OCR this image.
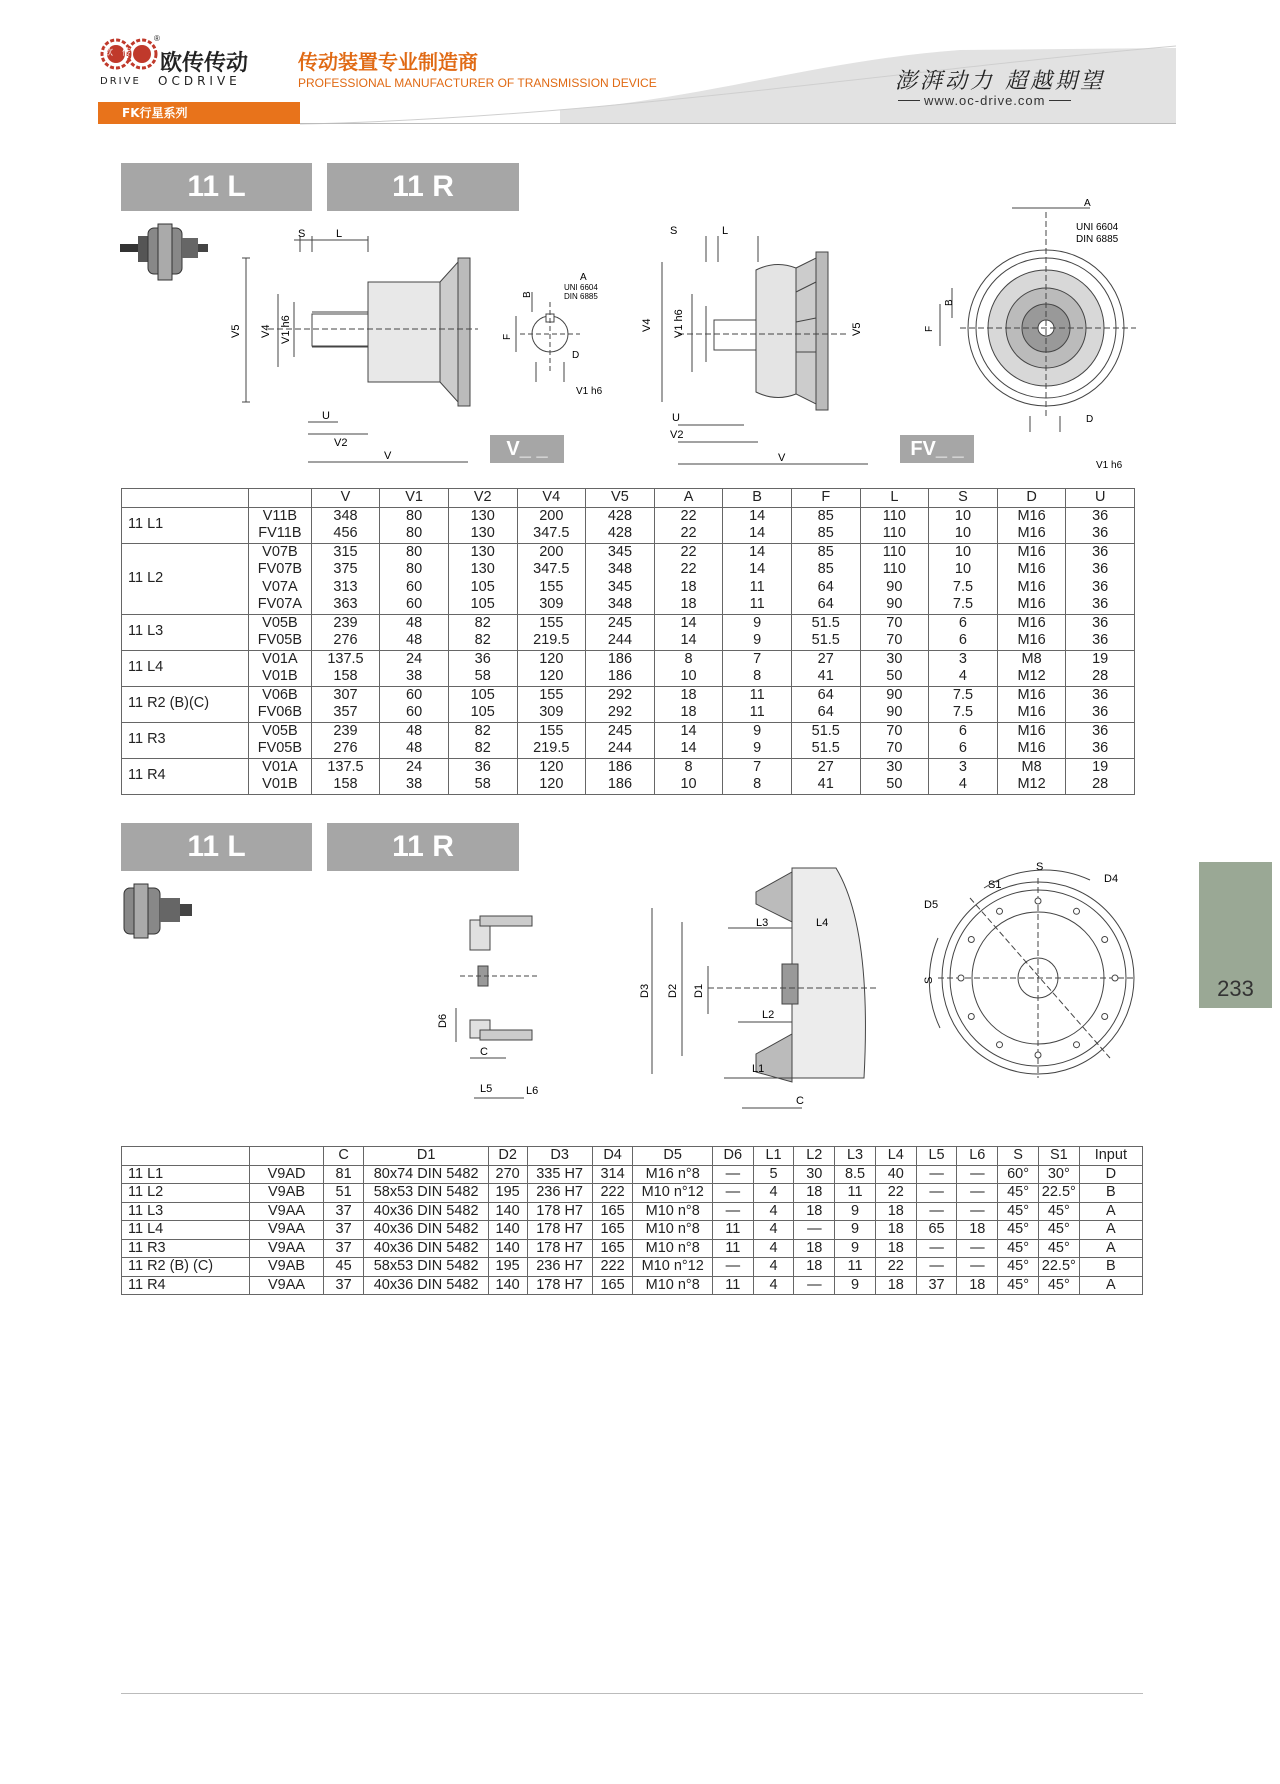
欧传 欧传传动
DRIVE OCDRIVE
®
传动装置专业制造商
PROFESSIONAL MANUFACTURER OF TRANSMISSION DEVICE	澎湃动力 超越期望
www.oc-drive.com
FK行星系列
11 L	11 R
S	L
V5 V4 V1 h6
U
V2
V
B
F
A
UNI 6604
DIN 6885
D
V1 h6
V_ _
S	L
V4 V1 h6	V5
U
V2
V
A
UNI 6604
DIN 6885
B
F
D
V1 h6
FV_ _
		V	V1	V2	V4	V5	A	B	F	L	S	D	U
11 L1	V11B	348	80	130	200	428	22	14	85	110	10	M16	36
	FV11B	456	80	130	347.5	428	22	14	85	110	10	M16	36
11 L2	V07B	315	80	130	200	345	22	14	85	110	10	M16	36
	FV07B	375	80	130	347.5	348	22	14	85	110	10	M16	36
	V07A	313	60	105	155	345	18	11	64	90	7.5	M16	36
	FV07A	363	60	105	309	348	18	11	64	90	7.5	M16	36
11 L3	V05B	239	48	82	155	245	14	9	51.5	70	6	M16	36
	FV05B	276	48	82	219.5	244	14	9	51.5	70	6	M16	36
11 L4	V01A	137.5	24	36	120	186	8	7	27	30	3	M8	19
	V01B	158	38	58	120	186	10	8	41	50	4	M12	28
11 R2 (B)(C)	V06B	307	60	105	155	292	18	11	64	90	7.5	M16	36
	FV06B	357	60	105	309	292	18	11	64	90	7.5	M16	36
11 R3	V05B	239	48	82	155	245	14	9	51.5	70	6	M16	36
	FV05B	276	48	82	219.5	244	14	9	51.5	70	6	M16	36
11 R4	V01A	137.5	24	36	120	186	8	7	27	30	3	M8	19
	V01B	158	38	58	120	186	10	8	41	50	4	M12	28
11 L	11 R
D6
C
L5	L6
D3 D2 D1
L3	L4
L2
L1
C
D5
D4
S
S1
S
		C	D1	D2	D3	D4	D5	D6	L1	L2	L3	L4	L5	L6	S	S1	Input
11 L1	V9AD	81	80x74 DIN 5482	270	335 H7	314	M16 n°8	—	5	30	8.5	40	—	—	60°	30°	D
11 L2	V9AB	51	58x53 DIN 5482	195	236 H7	222	M10 n°12	—	4	18	11	22	—	—	45°	22.5°	B
11 L3	V9AA	37	40x36 DIN 5482	140	178 H7	165	M10 n°8	—	4	18	9	18	—	—	45°	45°	A
11 L4	V9AA	37	40x36 DIN 5482	140	178 H7	165	M10 n°8	11	4	—	9	18	65	18	45°	45°	A
11 R3	V9AA	37	40x36 DIN 5482	140	178 H7	165	M10 n°8	11	4	18	9	18	—	—	45°	45°	A
11 R2 (B) (C)	V9AB	45	58x53 DIN 5482	195	236 H7	222	M10 n°12	—	4	18	11	22	—	—	45°	22.5°	B
11 R4	V9AA	37	40x36 DIN 5482	140	178 H7	165	M10 n°8	11	4	—	9	18	37	18	45°	45°	A
233
